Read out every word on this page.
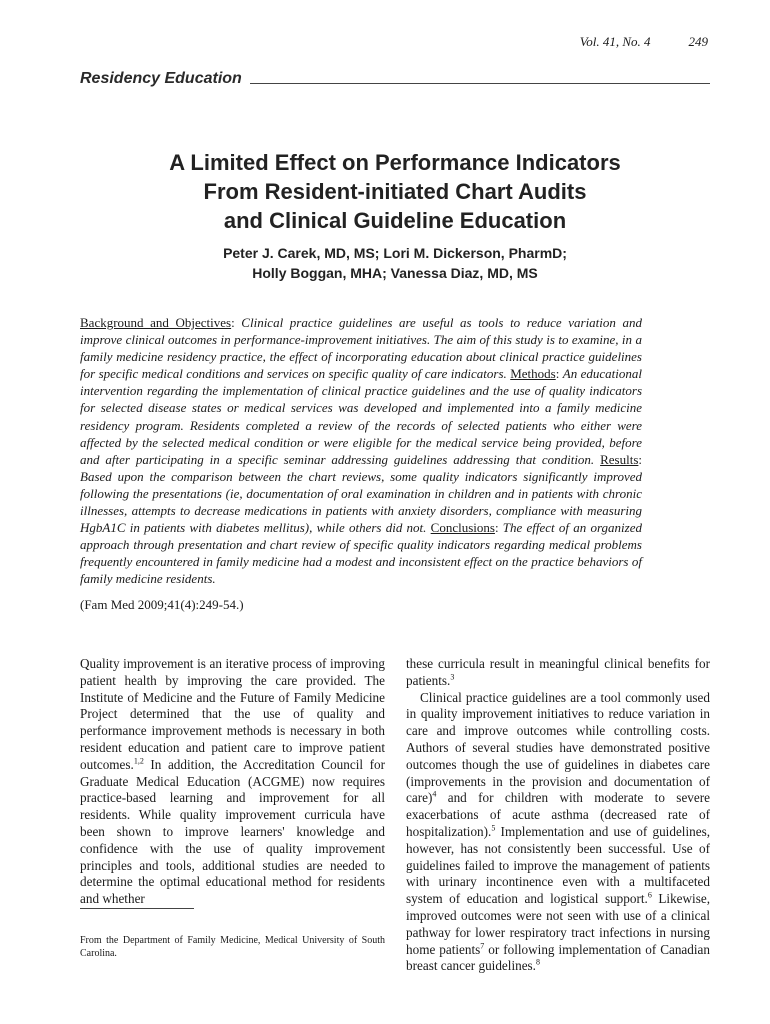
Vol. 41, No. 4	249
Residency Education
A Limited Effect on Performance Indicators
From Resident-initiated Chart Audits
and Clinical Guideline Education
Peter J. Carek, MD, MS; Lori M. Dickerson, PharmD;
Holly Boggan, MHA; Vanessa Diaz, MD, MS
Background and Objectives: Clinical practice guidelines are useful as tools to reduce variation and improve clinical outcomes in performance-improvement initiatives. The aim of this study is to examine, in a family medicine residency practice, the effect of incorporating education about clinical practice guidelines for specific medical conditions and services on specific quality of care indicators. Methods: An educational intervention regarding the implementation of clinical practice guidelines and the use of quality indicators for selected disease states or medical services was developed and implemented into a family medicine residency program. Residents completed a review of the records of selected patients who either were affected by the selected medical condition or were eligible for the medical service being provided, before and after participating in a specific seminar addressing guidelines addressing that condition. Results: Based upon the comparison between the chart reviews, some quality indicators significantly improved following the presentations (ie, documentation of oral examination in children and in patients with chronic illnesses, attempts to decrease medications in patients with anxiety disorders, compliance with measuring HgbA1C in patients with diabetes mellitus), while others did not. Conclusions: The effect of an organized approach through presentation and chart review of specific quality indicators regarding medical problems frequently encountered in family medicine had a modest and inconsistent effect on the practice behaviors of family medicine residents.
(Fam Med 2009;41(4):249-54.)

Quality improvement is an iterative process of improving patient health by improving the care provided. The Institute of Medicine and the Future of Family Medicine Project determined that the use of quality and performance improvement methods is necessary in both resident education and patient care to improve patient outcomes.$^{1,2}$ In addition, the Accreditation Council for Graduate Medical Education (ACGME) now requires practice-based learning and improvement for all residents. While quality improvement curricula have been shown to improve learners' knowledge and confidence with the use of quality improvement principles and tools, additional studies are needed to determine the optimal educational method for residents and whether

these curricula result in meaningful clinical benefits for patients.$^3$

Clinical practice guidelines are a tool commonly used in quality improvement initiatives to reduce variation in care and improve outcomes while controlling costs. Authors of several studies have demonstrated positive outcomes though the use of guidelines in diabetes care (improvements in the provision and documentation of care)$^4$ and for children with moderate to severe exacerbations of acute asthma (decreased rate of hospitalization).$^5$ Implementation and use of guidelines, however, has not consistently been successful. Use of guidelines failed to improve the management of patients with urinary incontinence even with a multifaceted system of education and logistical support.$^6$ Likewise, improved outcomes were not seen with use of a clinical pathway for lower respiratory tract infections in nursing home patients$^7$ or following implementation of Canadian breast cancer guidelines.$^8$

From the Department of Family Medicine, Medical University of South Carolina.
